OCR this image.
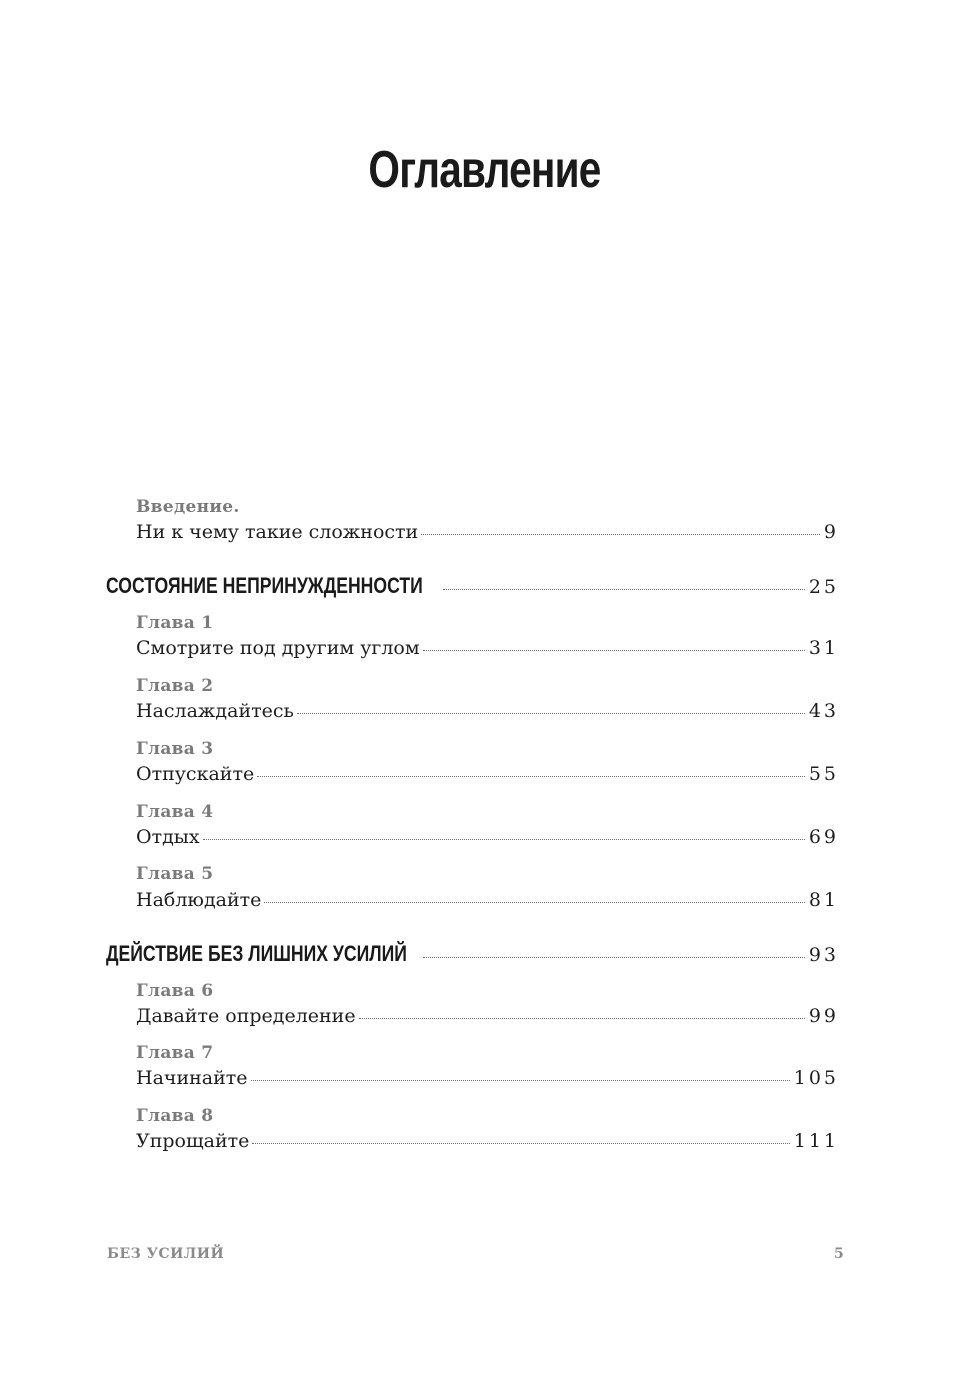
Оглавление
Введение.
Ни к чему такие сложности	9
СОСТОЯНИЕ НЕПРИНУЖДЕННОСТИ	25
Глава 1
Смотрите под другим углом	31
Глава 2
Наслаждайтесь	43
Глава 3
Отпускайте	55
Глава 4
Отдых	69
Глава 5
Наблюдайте	81
ДЕЙСТВИЕ БЕЗ ЛИШНИХ УСИЛИЙ	93
Глава 6
Давайте определение	99
Глава 7
Начинайте	105
Глава 8
Упрощайте	111
БЕЗ УСИЛИЙ	5
